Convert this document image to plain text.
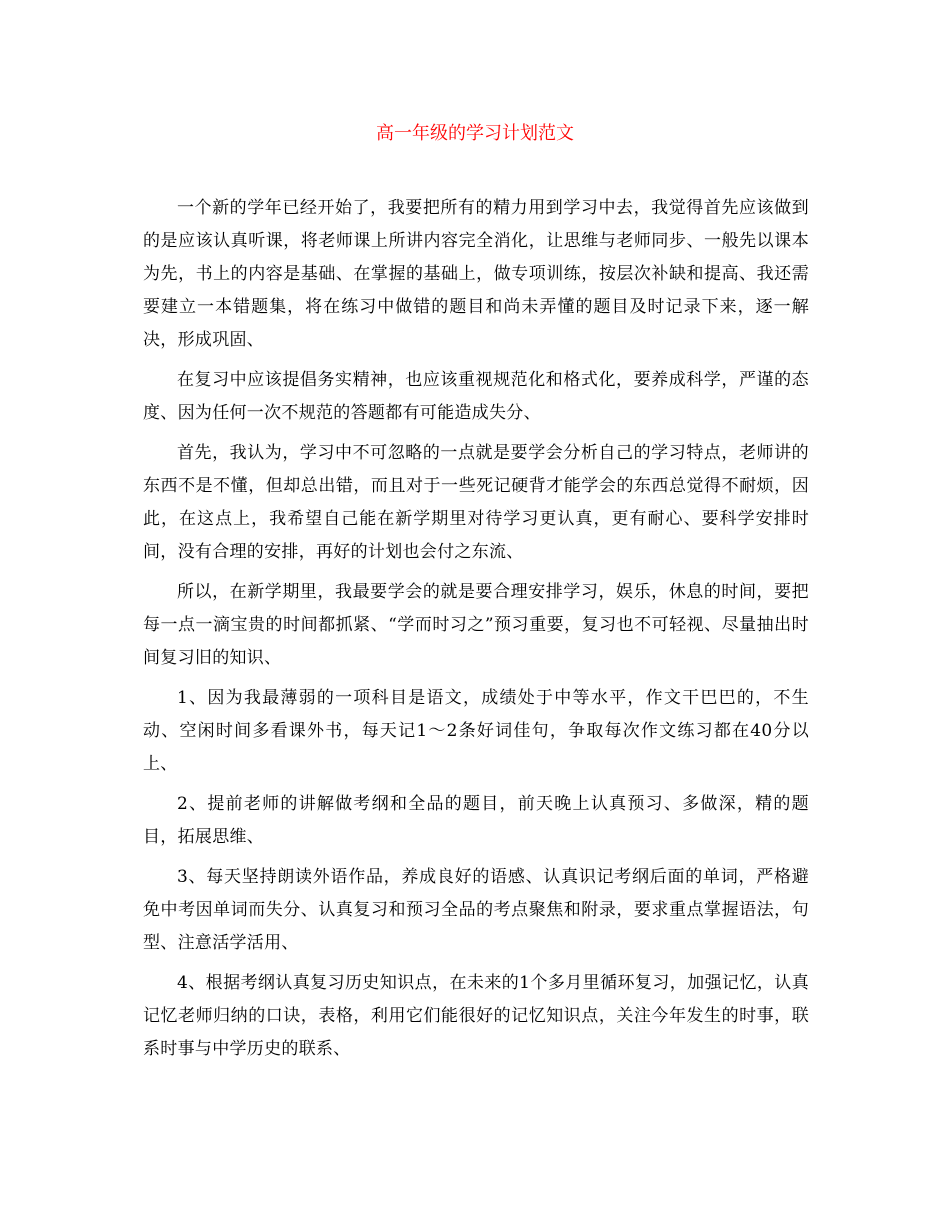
高一年级的学习计划范文

一个新的学年已经开始了，我要把所有的精力用到学习中去，我觉得首先应该做到的是应该认真听课，将老师课上所讲内容完全消化，让思维与老师同步、一般先以课本为先，书上的内容是基础、在掌握的基础上，做专项训练，按层次补缺和提高、我还需要建立一本错题集，将在练习中做错的题目和尚未弄懂的题目及时记录下来，逐一解决，形成巩固、

在复习中应该提倡务实精神，也应该重视规范化和格式化，要养成科学，严谨的态度、因为任何一次不规范的答题都有可能造成失分、

首先，我认为，学习中不可忽略的一点就是要学会分析自己的学习特点，老师讲的东西不是不懂，但却总出错，而且对于一些死记硬背才能学会的东西总觉得不耐烦，因此，在这点上，我希望自己能在新学期里对待学习更认真，更有耐心、要科学安排时间，没有合理的安排，再好的计划也会付之东流、

所以，在新学期里，我最要学会的就是要合理安排学习，娱乐，休息的时间，要把每一点一滴宝贵的时间都抓紧、“学而时习之”预习重要，复习也不可轻视、尽量抽出时间复习旧的知识、

1、因为我最薄弱的一项科目是语文，成绩处于中等水平，作文干巴巴的，不生动、空闲时间多看课外书，每天记1～2条好词佳句，争取每次作文练习都在40分以上、

2、提前老师的讲解做考纲和全品的题目，前天晚上认真预习、多做深，精的题目，拓展思维、

3、每天坚持朗读外语作品，养成良好的语感、认真识记考纲后面的单词，严格避免中考因单词而失分、认真复习和预习全品的考点聚焦和附录，要求重点掌握语法，句型、注意活学活用、

4、根据考纲认真复习历史知识点，在未来的1个多月里循环复习，加强记忆，认真记忆老师归纳的口诀，表格，利用它们能很好的记忆知识点，关注今年发生的时事，联系时事与中学历史的联系、
